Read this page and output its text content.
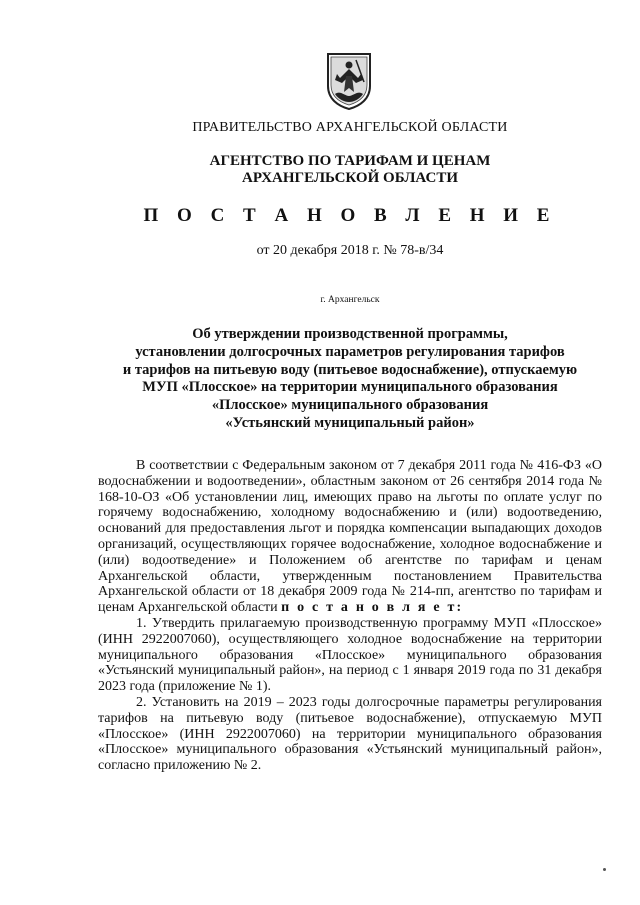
ПРАВИТЕЛЬСТВО АРХАНГЕЛЬСКОЙ ОБЛАСТИ
АГЕНТСТВО ПО ТАРИФАМ И ЦЕНАМ
АРХАНГЕЛЬСКОЙ ОБЛАСТИ
П О С Т А Н О В Л Е Н И Е
от 20 декабря 2018 г. № 78-в/34
г. Архангельск
Об утверждении производственной программы,
установлении долгосрочных параметров регулирования тарифов
и тарифов на питьевую воду (питьевое водоснабжение), отпускаемую
МУП «Плосское» на территории муниципального образования
«Плосское» муниципального образования
«Устьянский муниципальный район»

В соответствии с Федеральным законом от 7 декабря 2011 года № 416-ФЗ «О водоснабжении и водоотведении», областным законом от 26 сентября 2014 года № 168-10-ОЗ «Об установлении лиц, имеющих право на льготы по оплате услуг по горячему водоснабжению, холодному водоснабжению и (или) водоотведению, оснований для предоставления льгот и порядка компенсации выпадающих доходов организаций, осуществляющих горячее водоснабжение, холодное водоснабжение и (или) водоотведение» и Положением об агентстве по тарифам и ценам Архангельской области, утвержденным постановлением Правительства Архангельской области от 18 декабря 2009 года № 214-пп, агентство по тарифам и ценам Архангельской области п о с т а н о в л я е т:

1. Утвердить прилагаемую производственную программу МУП «Плосское» (ИНН 2922007060), осуществляющего холодное водоснабжение на территории муниципального образования «Плосское» муниципального образования «Устьянский муниципальный район», на период с 1 января 2019 года по 31 декабря 2023 года (приложение № 1).

2. Установить на 2019 – 2023 годы долгосрочные параметры регулирования тарифов на питьевую воду (питьевое водоснабжение), отпускаемую МУП «Плосское» (ИНН 2922007060) на территории муниципального образования «Плосское» муниципального образования «Устьянский муниципальный район», согласно приложению № 2.
